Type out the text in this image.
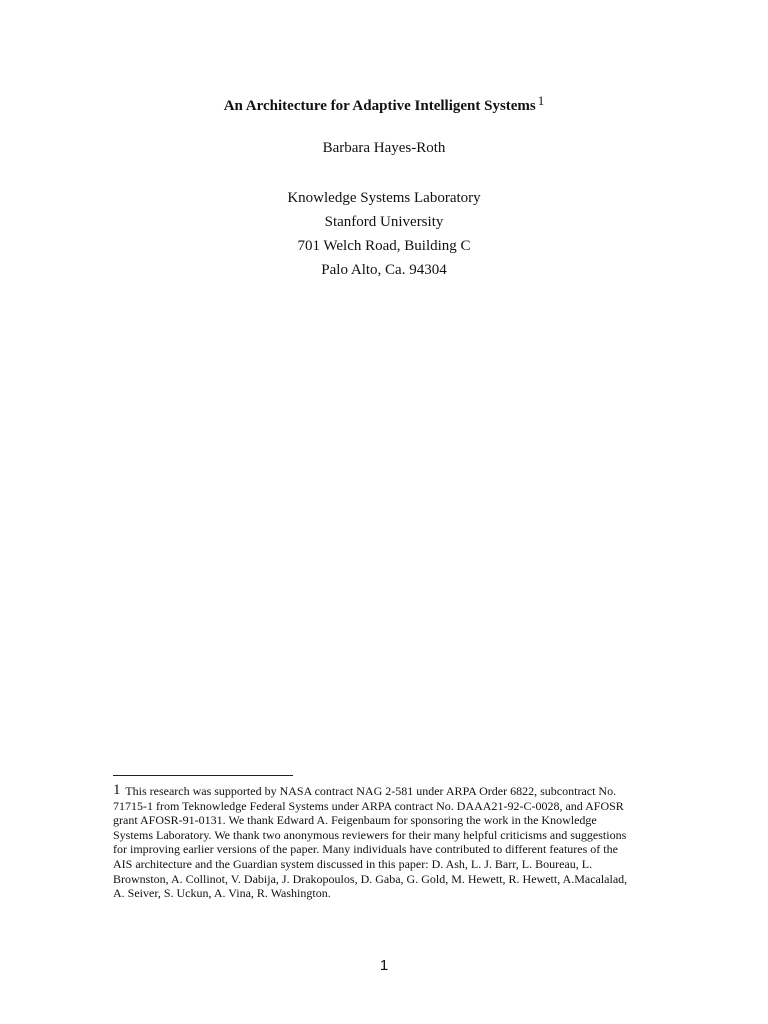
An Architecture for Adaptive Intelligent Systems $^1$
Barbara Hayes-Roth
Knowledge Systems Laboratory
Stanford University
701 Welch Road, Building C
Palo Alto, Ca. 94304
1 This research was supported by NASA contract NAG 2-581 under ARPA Order 6822, subcontract No.
71715-1 from Teknowledge Federal Systems under ARPA contract No. DAAA21-92-C-0028, and AFOSR
grant AFOSR-91-0131. We thank Edward A. Feigenbaum for sponsoring the work in the Knowledge
Systems Laboratory. We thank two anonymous reviewers for their many helpful criticisms and suggestions
for improving earlier versions of the paper. Many individuals have contributed to different features of the
AIS architecture and the Guardian system discussed in this paper: D. Ash, L. J. Barr, L. Boureau, L.
Brownston, A. Collinot, V. Dabija, J. Drakopoulos, D. Gaba, G. Gold, M. Hewett, R. Hewett, A.Macalalad,
A. Seiver, S. Uckun, A. Vina, R. Washington.
1
